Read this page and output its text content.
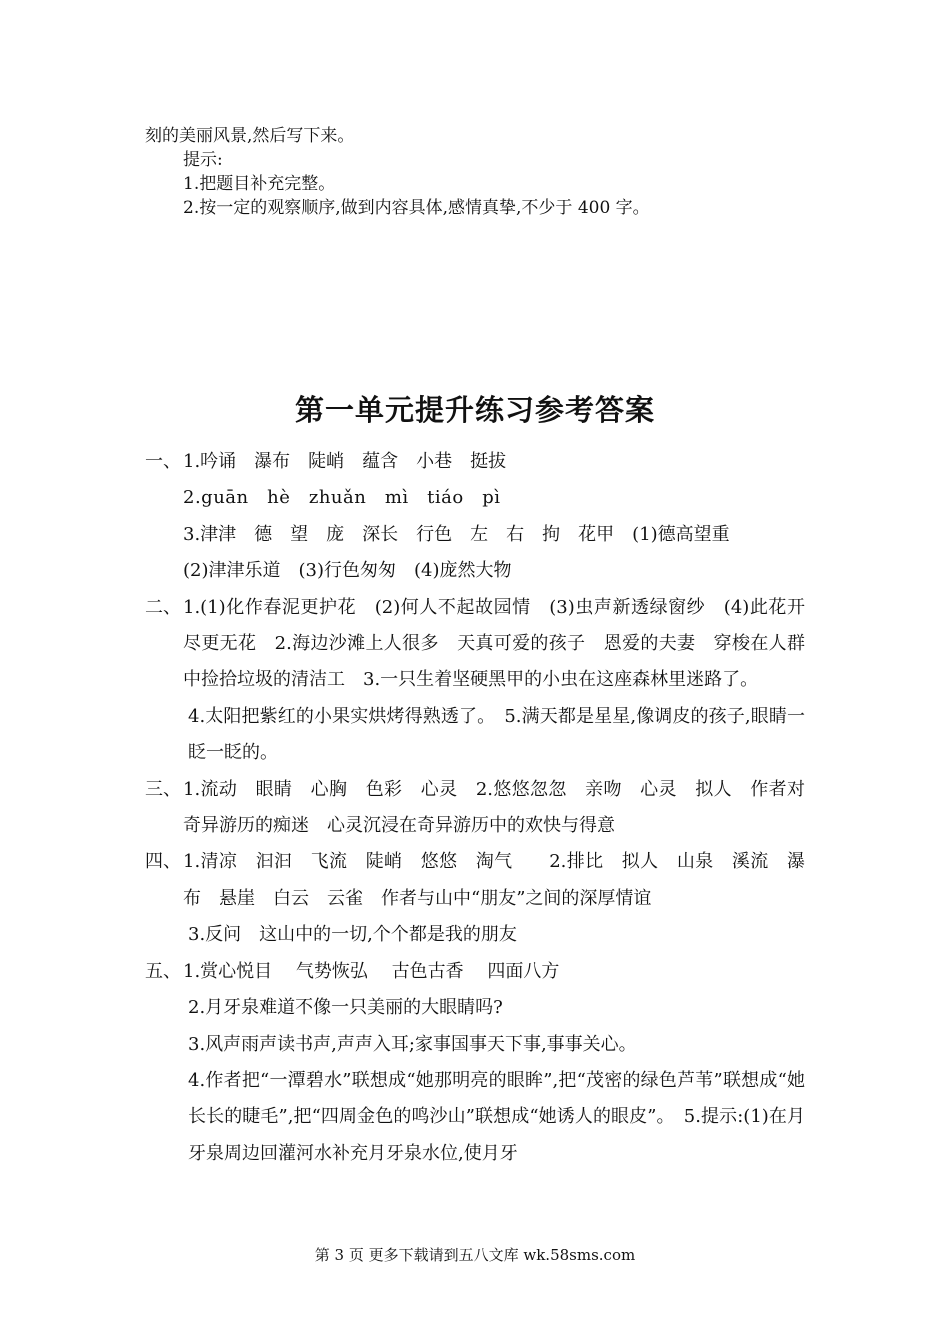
刻的美丽风景,然后写下来。
提示:
1.把题目补充完整。
2.按一定的观察顺序,做到内容具体,感情真挚,不少于 400 字。
第一单元提升练习参考答案
一、 1.吟诵　瀑布　陡峭　蕴含　小巷　挺拔
2.guān　hè　zhuǎn　mì　tiáo　pì
3.津津　德　望　庞　深长　行色　左　右　拘　花甲　(1)德高望重
(2)津津乐道　(3)行色匆匆　(4)庞然大物
二、 1.(1)化作春泥更护花　(2)何人不起故园情　(3)虫声新透绿窗纱　(4)此花开尽更无花　2.海边沙滩上人很多　天真可爱的孩子　恩爱的夫妻　穿梭在人群中捡拾垃圾的清洁工　3.一只生着坚硬黑甲的小虫在这座森林里迷路了。
4.太阳把紫红的小果实烘烤得熟透了。　5.满天都是星星,像调皮的孩子,眼睛一眨一眨的。
三、 1.流动　眼睛　心胸　色彩　心灵　2.悠悠忽忽　亲吻　心灵　拟人　作者对奇异游历的痴迷　心灵沉浸在奇异游历中的欢快与得意
四、 1.清凉　汩汩　飞流　陡峭　悠悠　淘气　　2.排比　拟人　山泉　溪流　瀑布　悬崖　白云　云雀　作者与山中“朋友”之间的深厚情谊
3.反问　这山中的一切,个个都是我的朋友
五、 1.赏心悦目　 气势恢弘　 古色古香　 四面八方
2.月牙泉难道不像一只美丽的大眼睛吗?
3.风声雨声读书声,声声入耳;家事国事天下事,事事关心。
4.作者把“一潭碧水”联想成“她那明亮的眼眸”,把“茂密的绿色芦苇”联想成“她长长的睫毛”,把“四周金色的鸣沙山”联想成“她诱人的眼皮”。　5.提示:(1)在月牙泉周边回灌河水补充月牙泉水位,使月牙
第 3 页 更多下载请到五八文库 wk.58sms.com
